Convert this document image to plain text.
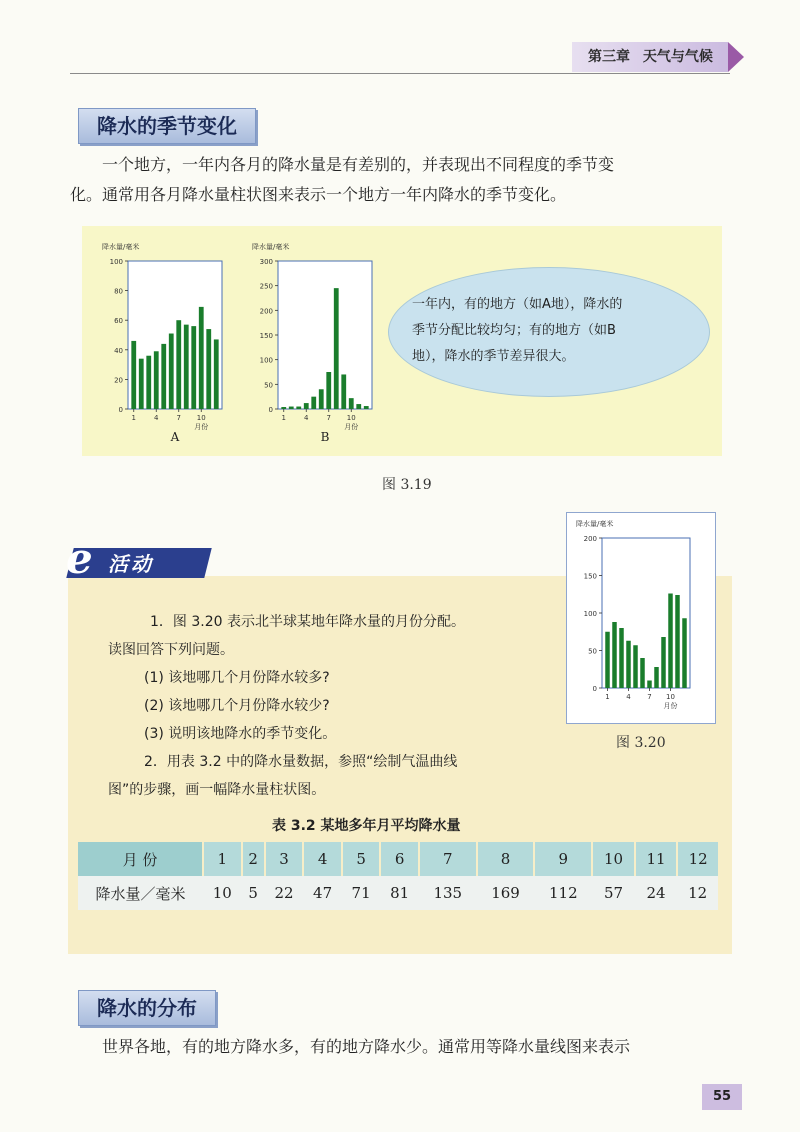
第三章 天气与气候
降水的季节变化
一个地方，一年内各月的降水量是有差别的，并表现出不同程度的季节变
化。通常用各月降水量柱状图来表示一个地方一年内降水的季节变化。
降水量/毫米
0
20
40
60
80
100
1	4	7 10
月份
A
降水量/毫米
0
50
100
150
200
250
300
1	4	7 10
月份
B
一年内，有的地方（如A地），降水的
季节分配比较均匀；有的地方（如B
地），降水的季节差异很大。
图 3.19
e 活动
降水量/毫米
0
50
100
150
200
1 4 7 10
月份
图 3.20
1．图 3.20 表示北半球某地年降水量的月份分配。
读图回答下列问题。
(1) 该地哪几个月份降水较多?
(2) 该地哪几个月份降水较少?
(3) 说明该地降水的季节变化。
2．用表 3.2 中的降水量数据，参照“绘制气温曲线
图”的步骤，画一幅降水量柱状图。
表 3.2 某地多年月平均降水量
月 份	1	2	3	4	5	6	7	8	9	10	11	12
降水量／毫米	10	5	22	47	71	81	135	169	112	57	24	12
降水的分布
世界各地，有的地方降水多，有的地方降水少。通常用等降水量线图来表示
55
